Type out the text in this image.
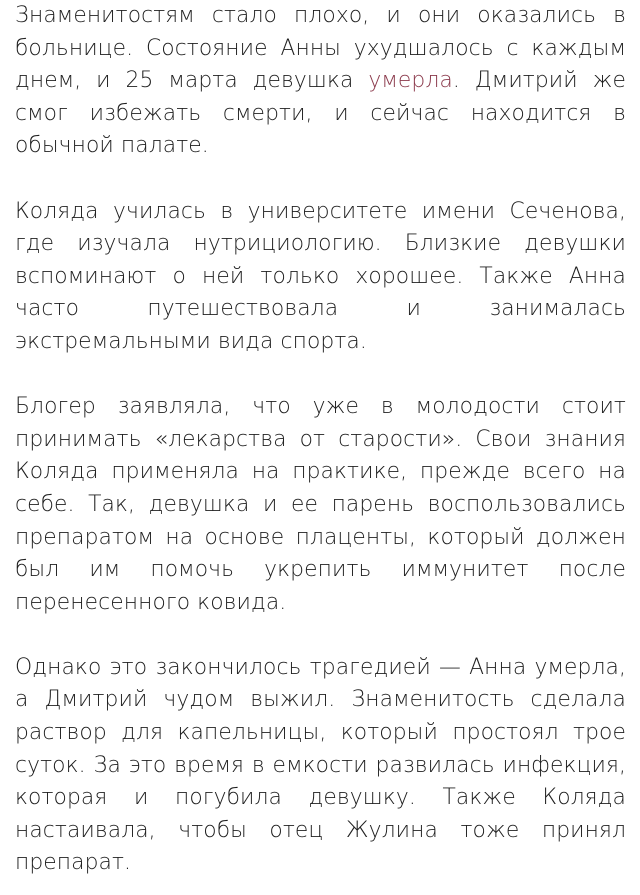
Знаменитостям стало плохо, и они оказались в больнице. Состояние Анны ухудшалось с каждым днем, и 25 марта девушка умерла. Дмитрий же смог избежать смерти, и сейчас находится в обычной палате.

Коляда училась в университете имени Сеченова, где изучала нутрициологию. Близкие девушки вспоминают о ней только хорошее. Также Анна часто путешествовала и занималась экстремальными вида спорта.

Блогер заявляла, что уже в молодости стоит принимать «лекарства от старости». Свои знания Коляда применяла на практике, прежде всего на себе. Так, девушка и ее парень воспользовались препаратом на основе плаценты, который должен был им помочь укрепить иммунитет после перенесенного ковида.

Однако это закончилось трагедией — Анна умерла, а Дмитрий чудом выжил. Знаменитость сделала раствор для капельницы, который простоял трое суток. За это время в емкости развилась инфекция, которая и погубила девушку. Также Коляда настаивала, чтобы отец Жулина тоже принял препарат.
